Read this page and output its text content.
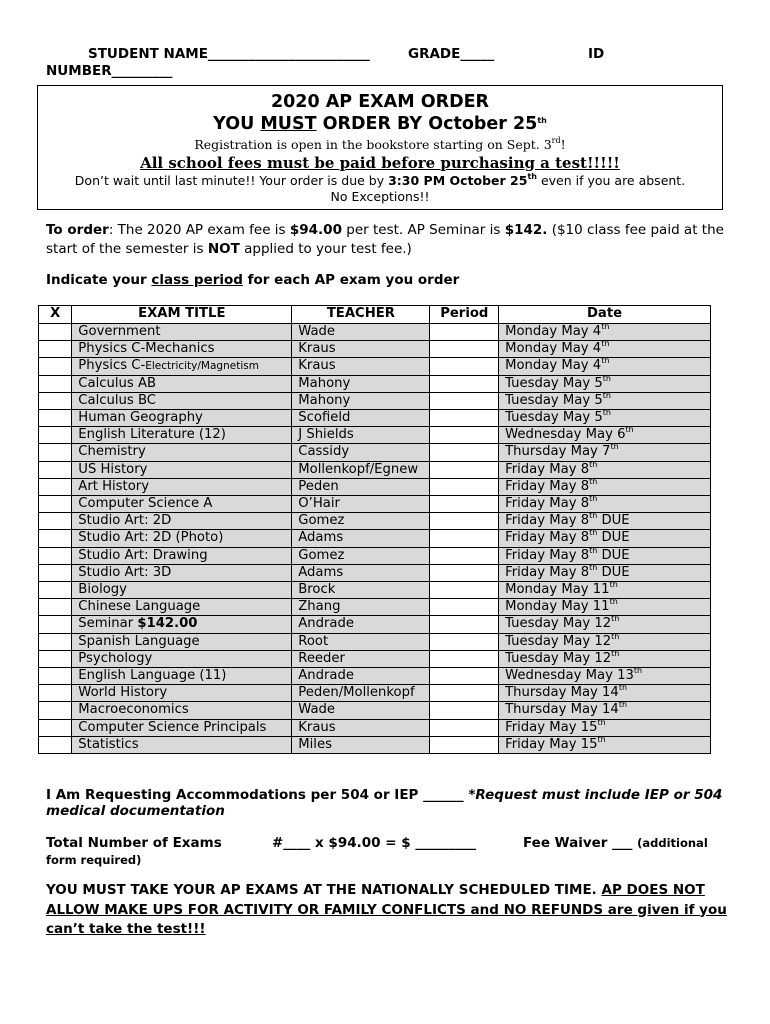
STUDENT NAME________________________	GRADE_____	ID
NUMBER_________
2020 AP EXAM ORDER
YOU MUST ORDER BY October 25th
Registration is open in the bookstore starting on Sept. 3rd!
All school fees must be paid before purchasing a test!!!!!
Don’t wait until last minute!! Your order is due by 3:30 PM October 25th even if you are absent. No Exceptions!!
To order: The 2020 AP exam fee is $94.00 per test. AP Seminar is $142. ($10 class fee paid at the start of the semester is NOT applied to your test fee.)
Indicate your class period for each AP exam you order
X	EXAM TITLE	TEACHER	Period	Date
	Government	Wade		Monday May 4th
	Physics C-Mechanics	Kraus		Monday May 4th
	Physics C-Electricity/Magnetism	Kraus		Monday May 4th
	Calculus AB	Mahony		Tuesday May 5th
	Calculus BC	Mahony		Tuesday May 5th
	Human Geography	Scofield		Tuesday May 5th
	English Literature (12)	J Shields		Wednesday May 6th
	Chemistry	Cassidy		Thursday May 7th
	US History	Mollenkopf/Egnew		Friday May 8th
	Art History	Peden		Friday May 8th
	Computer Science A	O’Hair		Friday May 8th
	Studio Art: 2D	Gomez		Friday May 8th DUE
	Studio Art: 2D (Photo)	Adams		Friday May 8th DUE
	Studio Art: Drawing	Gomez		Friday May 8th DUE
	Studio Art: 3D	Adams		Friday May 8th DUE
	Biology	Brock		Monday May 11th
	Chinese Language	Zhang		Monday May 11th
	Seminar $142.00	Andrade		Tuesday May 12th
	Spanish Language	Root		Tuesday May 12th
	Psychology	Reeder		Tuesday May 12th
	English Language (11)	Andrade		Wednesday May 13th
	World History	Peden/Mollenkopf		Thursday May 14th
	Macroeconomics	Wade		Thursday May 14th
	Computer Science Principals	Kraus		Friday May 15th
	Statistics	Miles		Friday May 15th
I Am Requesting Accommodations per 504 or IEP ______ *Request must include IEP or 504 medical documentation
Total Number of Exams	#____ x $94.00 = $ _________	Fee Waiver ___ (additional
form required)
YOU MUST TAKE YOUR AP EXAMS AT THE NATIONALLY SCHEDULED TIME. AP DOES NOT ALLOW MAKE UPS FOR ACTIVITY OR FAMILY CONFLICTS and NO REFUNDS are given if you can’t take the test!!!
